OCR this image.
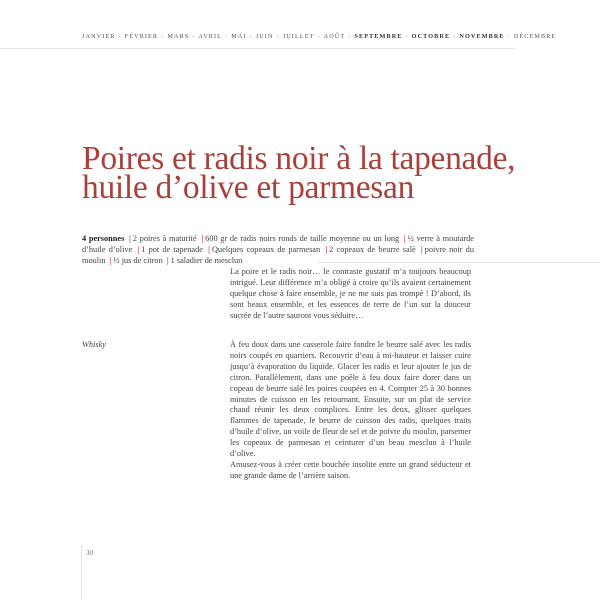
JANVIER - FÉVRIER - MARS - AVRIL - MAI - JUIN - JUILLET - AOÛT - SEPTEMBRE - OCTOBRE - NOVEMBRE - DÉCEMBRE
Poires et radis noir à la tapenade,
huile d’olive et parmesan
4 personnes | 2 poires à maturité | 600 gr de radis noirs ronds de taille moyenne ou un long | ½ verre à moutarde d’huile d’olive | 1 pot de tapenade | Quelques copeaux de parmesan | 2 copeaux de beurre salé | poivre noir du moulin | ½ jus de citron | 1 saladier de mesclun

La poire et le radis noir… le contraste gustatif m’a toujours beaucoup intrigué. Leur différence m’a obligé à croire qu’ils avaient certainement quelque chose à faire ensemble, je ne me suis pas trompé ! D’abord, ils sont beaux ensemble, et les essences de terre de l’un sur la douceur sucrée de l’autre sauront vous séduire…

Whisky	À feu doux dans une casserole faire fondre le beurre salé avec les radis noirs coupés en quartiers. Recouvrir d’eau à mi-hauteur et laisser cuire jusqu’à évaporation du liquide. Glacer les radis et leur ajouter le jus de citron. Parallèlement, dans une poêle à feu doux faire dorer dans un copeau de beurre salé les poires coupées en 4. Compter 25 à 30 bonnes minutes de cuisson en les retournant. Ensuite, sur un plat de service chaud réunir les deux complices. Entre les deux, glisser quelques flammes de tapenade, le beurre de cuisson des radis, quelques traits d’huile d’olive, un voile de fleur de sel et de poivre du moulin, parsemer les copeaux de parmesan et ceinturer d’un beau mesclun à l’huile d’olive.
Amusez-vous à créer cette bouchée insolite entre un grand séducteur et une grande dame de l’arrière saison.
30
